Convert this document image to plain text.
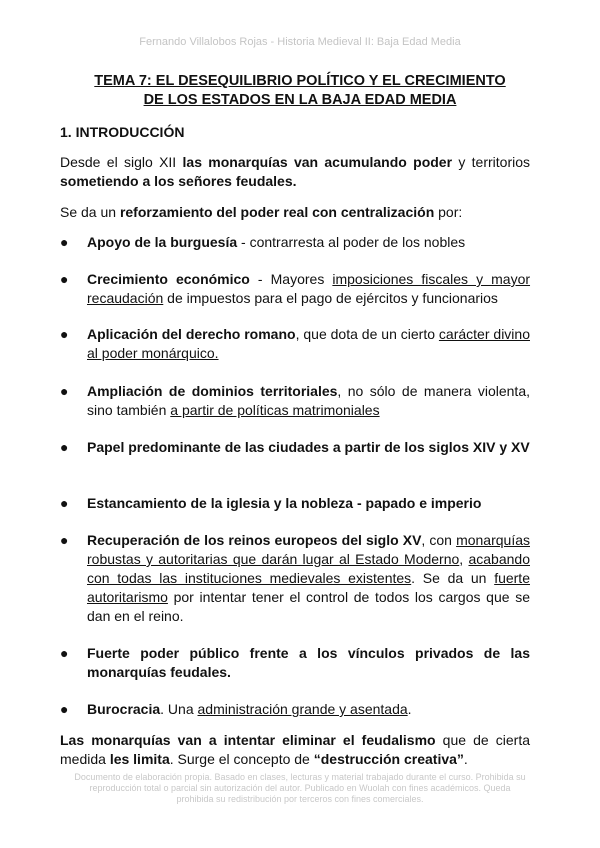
Fernando Villalobos Rojas - Historia Medieval II: Baja Edad Media
TEMA 7: EL DESEQUILIBRIO POLÍTICO Y EL CRECIMIENTO
DE LOS ESTADOS EN LA BAJA EDAD MEDIA
1. INTRODUCCIÓN

Desde el siglo XII las monarquías van acumulando poder y territorios sometiendo a los señores feudales.

Se da un reforzamiento del poder real con centralización por:

● Apoyo de la burguesía - contrarresta al poder de los nobles
● Crecimiento económico - Mayores imposiciones fiscales y mayor recaudación de impuestos para el pago de ejércitos y funcionarios
● Aplicación del derecho romano, que dota de un cierto carácter divino al poder monárquico.
● Ampliación de dominios territoriales, no sólo de manera violenta, sino también a partir de políticas matrimoniales
● Papel predominante de las ciudades a partir de los siglos XIV y XV
● Estancamiento de la iglesia y la nobleza - papado e imperio
● Recuperación de los reinos europeos del siglo XV, con monarquías robustas y autoritarias que darán lugar al Estado Moderno, acabando con todas las instituciones medievales existentes. Se da un fuerte autoritarismo por intentar tener el control de todos los cargos que se dan en el reino.
● Fuerte poder público frente a los vínculos privados de las monarquías feudales.
● Burocracia. Una administración grande y asentada.

Las monarquías van a intentar eliminar el feudalismo que de cierta medida les limita. Surge el concepto de “destrucción creativa”.

Documento de elaboración propia. Basado en clases, lecturas y material trabajado durante el curso. Prohibida su reproducción total o parcial sin autorización del autor. Publicado en Wuolah con fines académicos. Queda prohibida su redistribución por terceros con fines comerciales.
